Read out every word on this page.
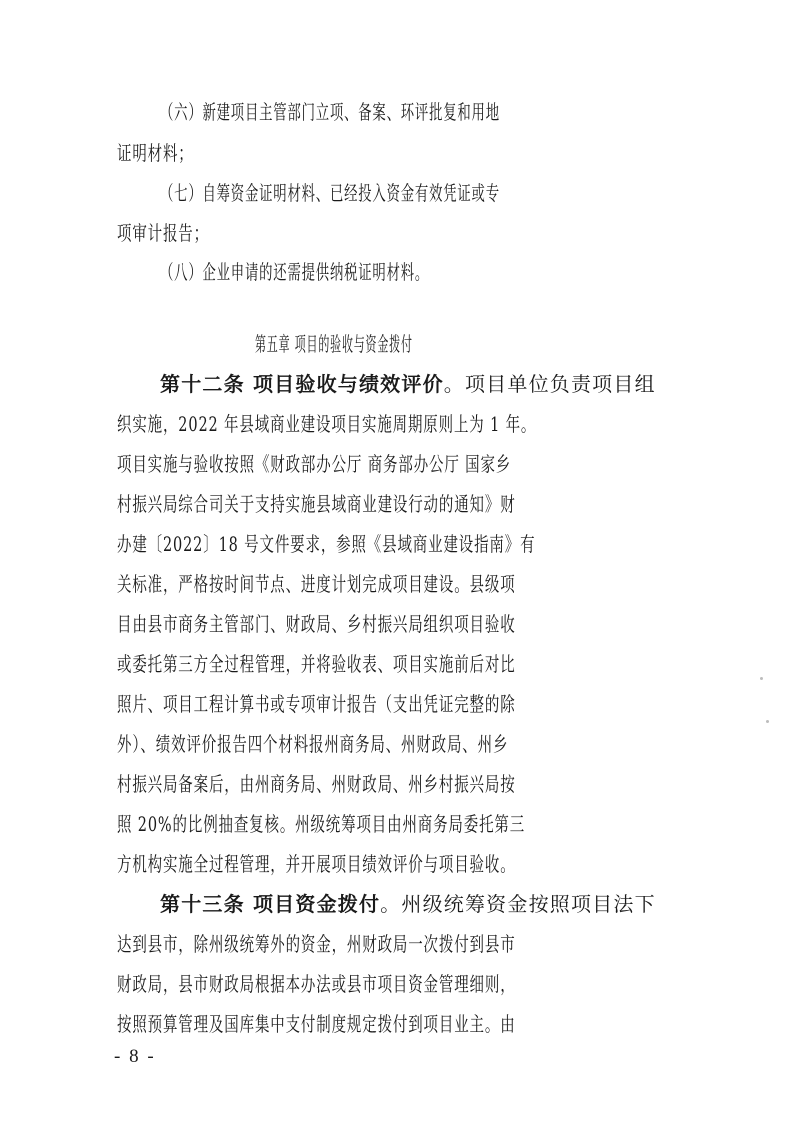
（六）新建项目主管部门立项、备案、环评批复和用地
证明材料；
（七）自筹资金证明材料、已经投入资金有效凭证或专
项审计报告；
（八）企业申请的还需提供纳税证明材料。
第五章 项目的验收与资金拨付
第十二条 项目验收与绩效评价。项目单位负责项目组
织实施，2022 年县域商业建设项目实施周期原则上为 1 年。
项目实施与验收按照《财政部办公厅 商务部办公厅 国家乡
村振兴局综合司关于支持实施县域商业建设行动的通知》财
办建〔2022〕18 号文件要求，参照《县域商业建设指南》有
关标准，严格按时间节点、进度计划完成项目建设。县级项
目由县市商务主管部门、财政局、乡村振兴局组织项目验收
或委托第三方全过程管理，并将验收表、项目实施前后对比
照片、项目工程计算书或专项审计报告（支出凭证完整的除
外）、绩效评价报告四个材料报州商务局、州财政局、州乡
村振兴局备案后，由州商务局、州财政局、州乡村振兴局按
照 20%的比例抽查复核。州级统筹项目由州商务局委托第三
方机构实施全过程管理，并开展项目绩效评价与项目验收。
第十三条 项目资金拨付。州级统筹资金按照项目法下
达到县市，除州级统筹外的资金，州财政局一次拨付到县市
财政局，县市财政局根据本办法或县市项目资金管理细则，
按照预算管理及国库集中支付制度规定拨付到项目业主。由
- 8 -
